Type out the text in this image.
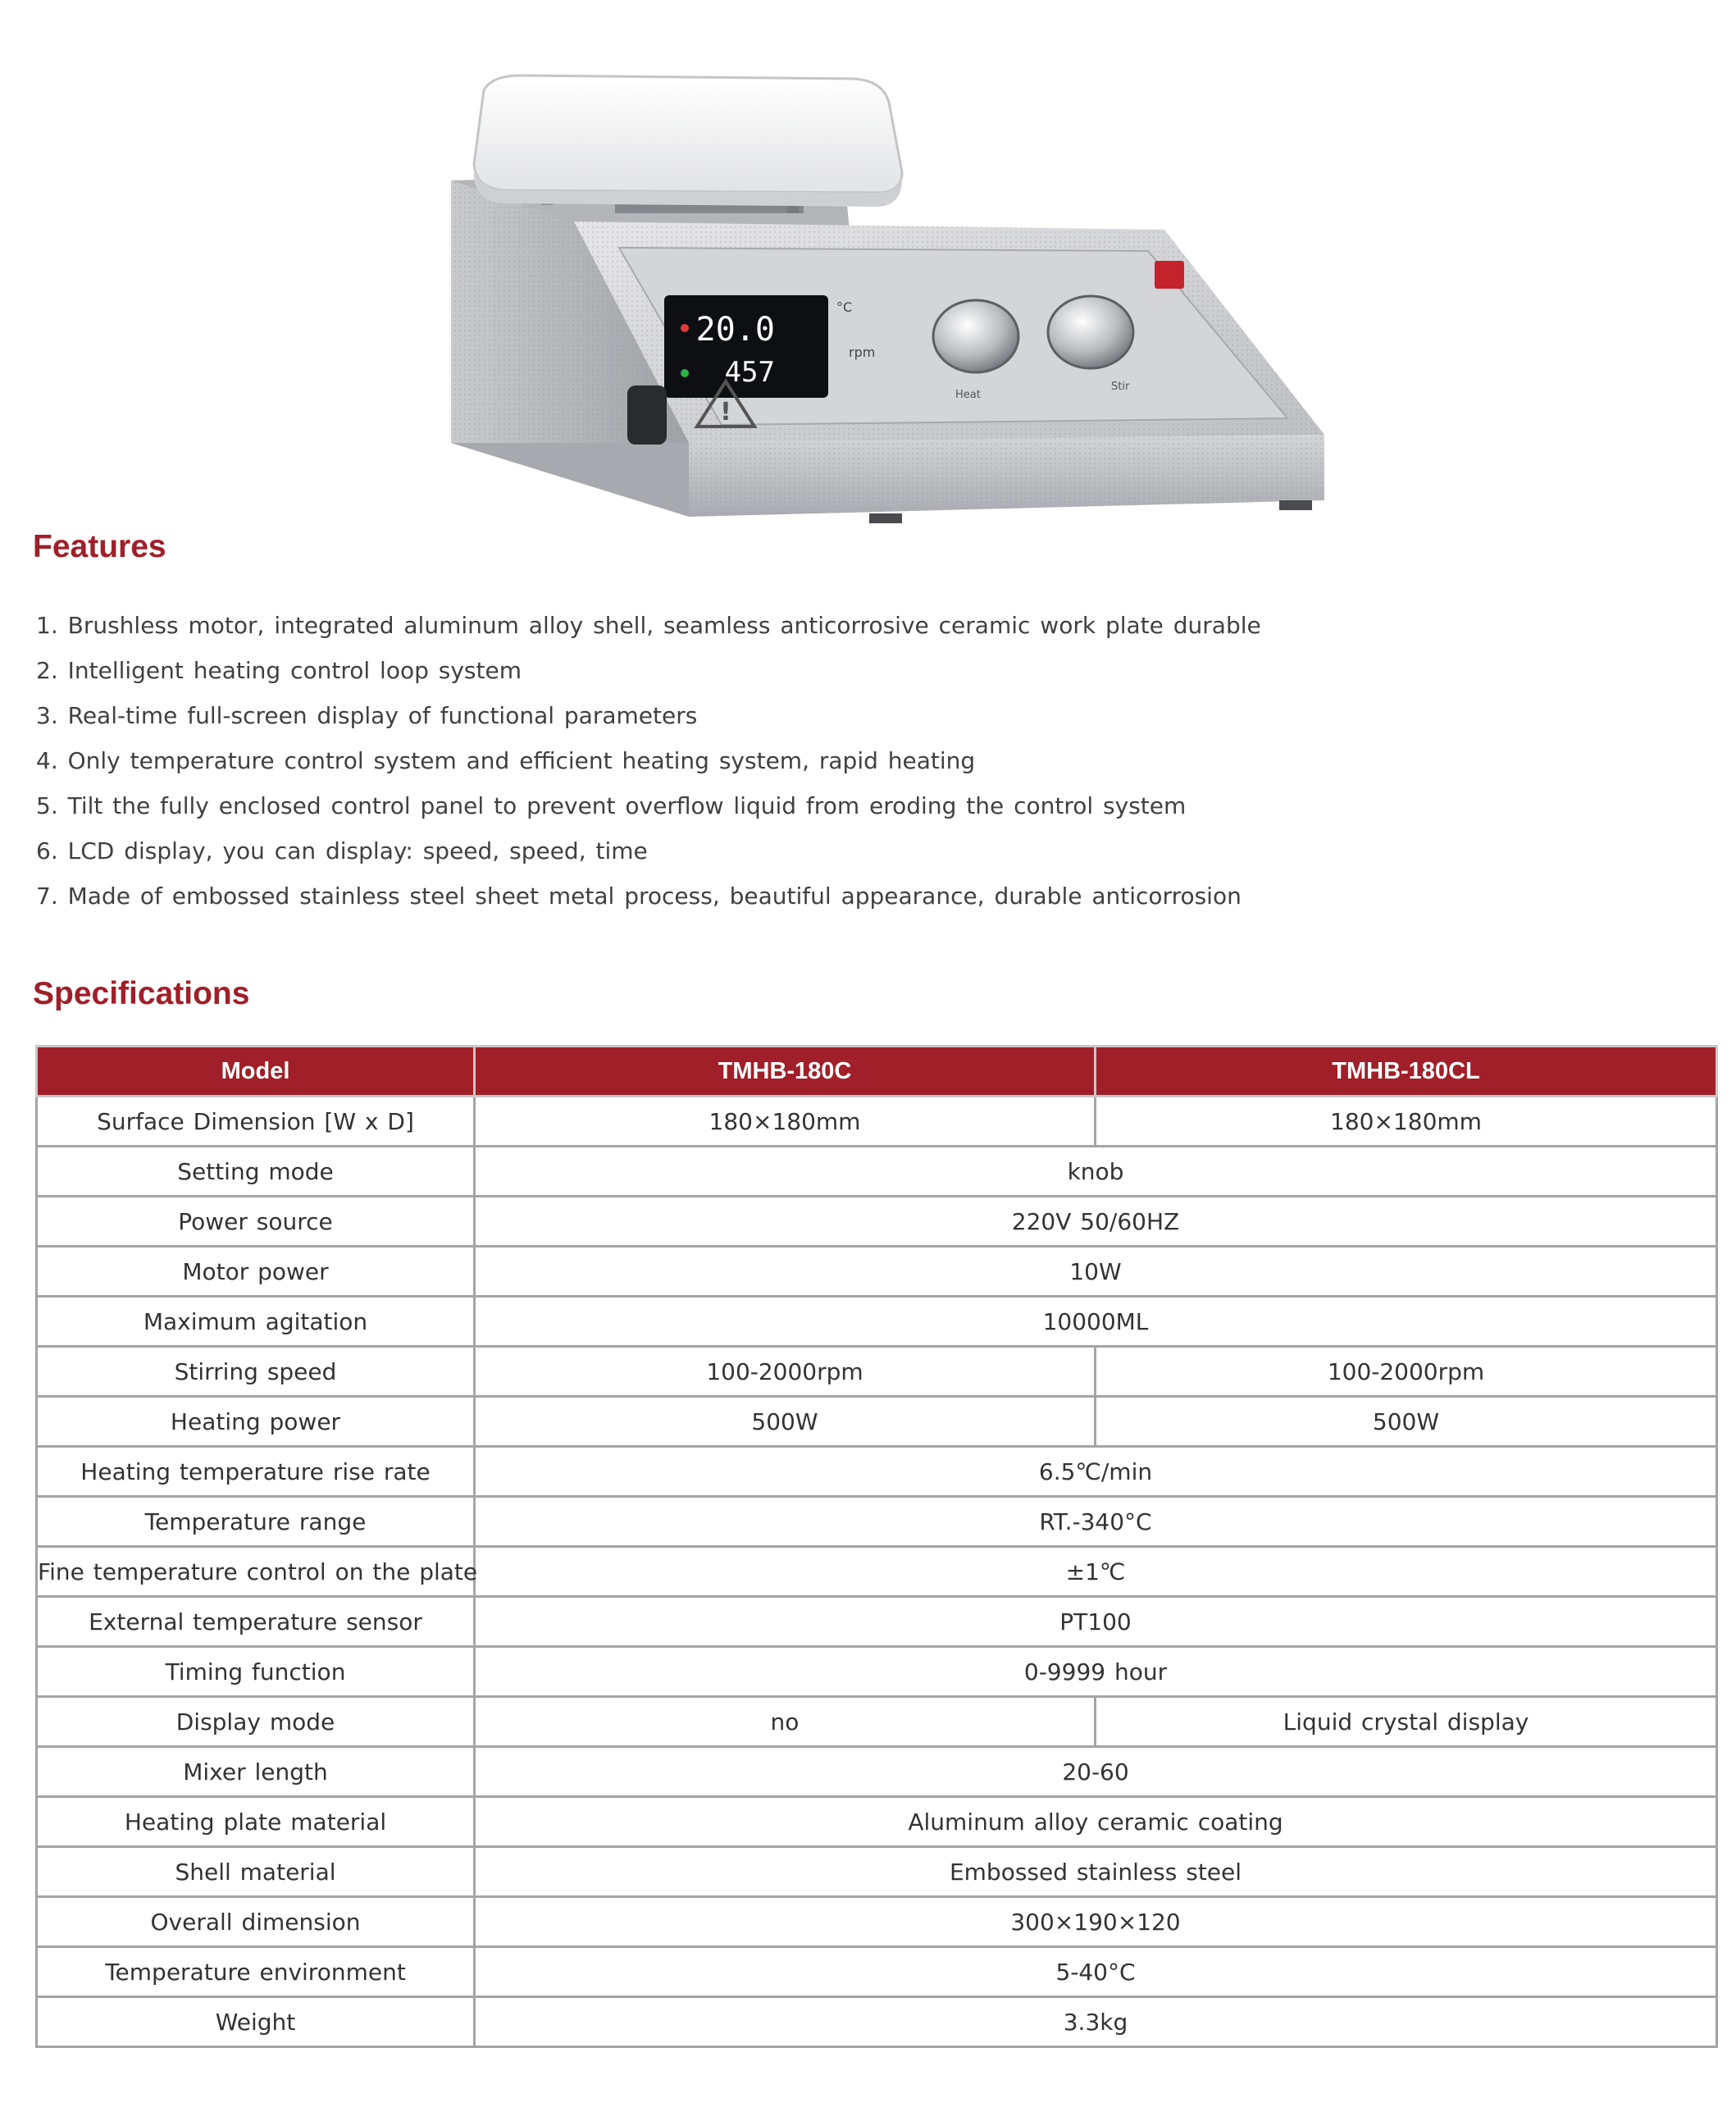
20.0
457
°C
rpm
Heat
Stir
!
Features
1. Brushless motor, integrated aluminum alloy shell, seamless anticorrosive ceramic work plate durable
2. Intelligent heating control loop system
3. Real-time full-screen display of functional parameters
4. Only temperature control system and efficient heating system, rapid heating
5. Tilt the fully enclosed control panel to prevent overflow liquid from eroding the control system
6. LCD display, you can display: speed, speed, time
7. Made of embossed stainless steel sheet metal process, beautiful appearance, durable anticorrosion
Specifications
Model	TMHB-180C	TMHB-180CL
Surface Dimension [W x D]	180×180mm	180×180mm
Setting mode	knob	
Power source	220V 50/60HZ	
Motor power	10W	
Maximum agitation	10000ML	
Stirring speed	100-2000rpm	100-2000rpm
Heating power	500W	500W
Heating temperature rise rate	6.5℃/min	
Temperature range	RT.-340°C	
Fine temperature control on the plate	±1℃	
External temperature sensor	PT100	
Timing function	0-9999 hour	
Display mode	no	Liquid crystal display
Mixer length	20-60	
Heating plate material	Aluminum alloy ceramic coating	
Shell material	Embossed stainless steel	
Overall dimension	300×190×120	
Temperature environment	5-40°C	
Weight	3.3kg	
